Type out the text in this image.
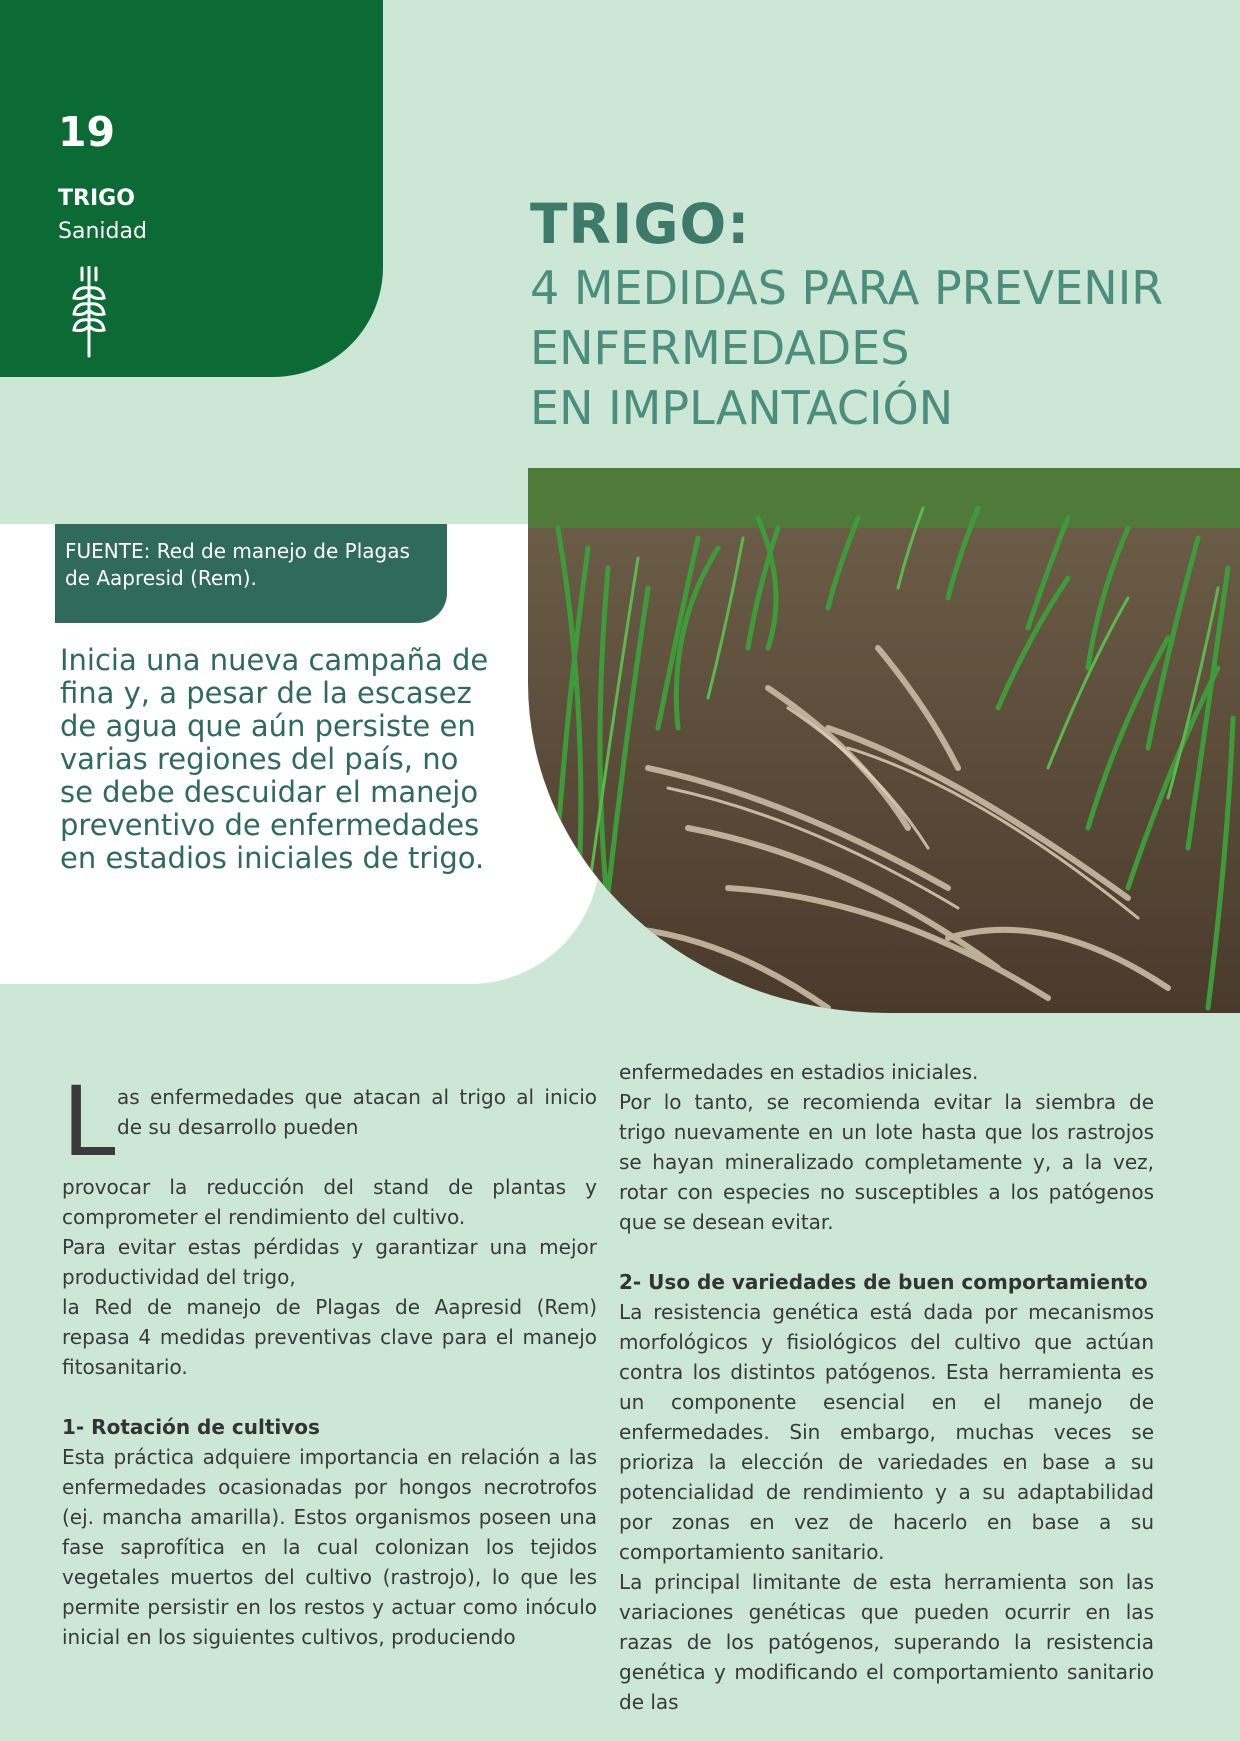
19
TRIGO
Sanidad	TRIGO:
4 MEDIDAS PARA PREVENIR
ENFERMEDADES
EN IMPLANTACIÓN
FUENTE: Red de manejo de Plagas
de Aapresid (Rem).
Inicia una nueva campaña de fina y, a pesar de la escasez de agua que aún persiste en varias regiones del país, no se debe descuidar el manejo preventivo de enfermedades en estadios iniciales de trigo.
L as enfermedades que atacan al trigo al inicio de su desarrollo pueden

provocar la reducción del stand de plantas y comprometer el rendimiento del cultivo.

Para evitar estas pérdidas y garantizar una mejor productividad del trigo,

la Red de manejo de Plagas de Aapresid (Rem) repasa 4 medidas preventivas clave para el manejo fitosanitario.

1- Rotación de cultivos

Esta práctica adquiere importancia en relación a las enfermedades ocasionadas por hongos necrotrofos (ej. mancha amarilla). Estos organismos poseen una fase saprofítica en la cual colonizan los tejidos vegetales muertos del cultivo (rastrojo), lo que les permite persistir en los restos y actuar como inóculo inicial en los siguientes cultivos, produciendo

enfermedades en estadios iniciales.

Por lo tanto, se recomienda evitar la siembra de trigo nuevamente en un lote hasta que los rastrojos se hayan mineralizado completamente y, a la vez, rotar con especies no susceptibles a los patógenos que se desean evitar.

2- Uso de variedades de buen comportamiento

La resistencia genética está dada por mecanismos morfológicos y fisiológicos del cultivo que actúan contra los distintos patógenos. Esta herramienta es un componente esencial en el manejo de enfermedades. Sin embargo, muchas veces se prioriza la elección de variedades en base a su potencialidad de rendimiento y a su adaptabilidad por zonas en vez de hacerlo en base a su comportamiento sanitario.

La principal limitante de esta herramienta son las variaciones genéticas que pueden ocurrir en las razas de los patógenos, superando la resistencia genética y modificando el comportamiento sanitario de las
